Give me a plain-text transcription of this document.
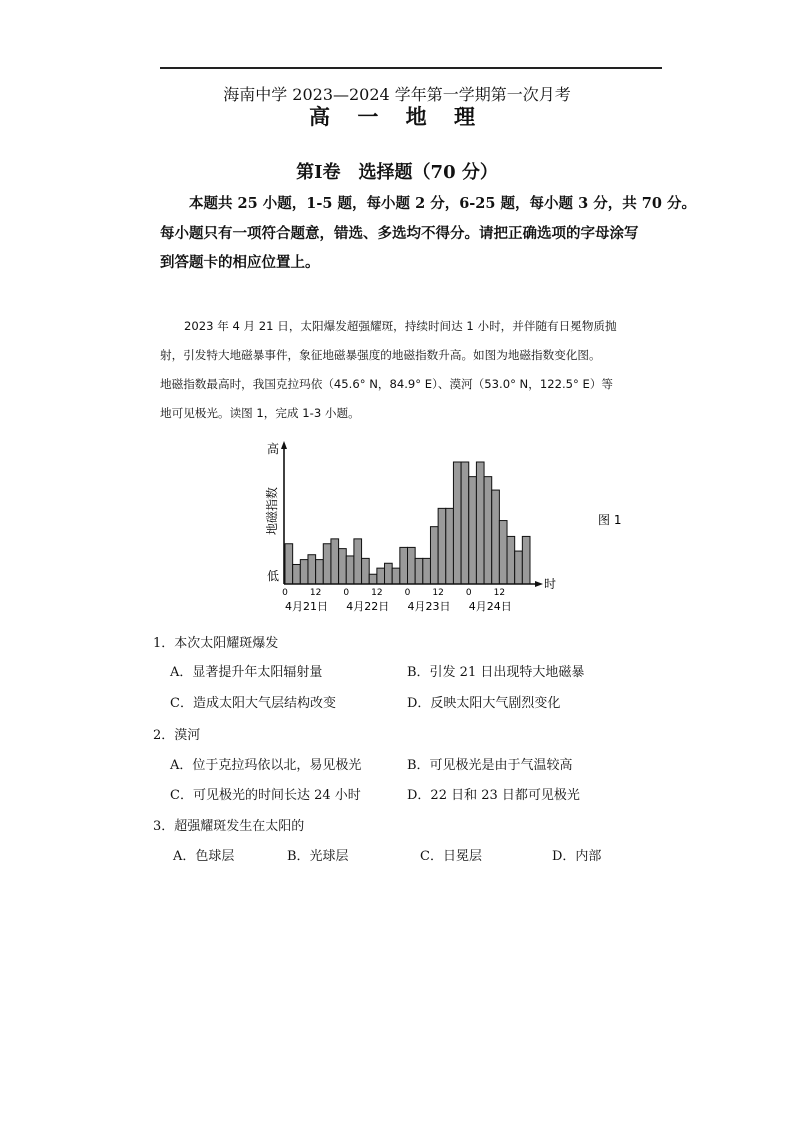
海南中学 2023—2024 学年第一学期第一次月考
高 一 地 理
第Ⅰ卷　选择题（70 分）
本题共 25 小题，1-5 题，每小题 2 分，6-25 题，每小题 3 分，共 70 分。
每小题只有一项符合题意，错选、多选均不得分。请把正确选项的字母涂写
到答题卡的相应位置上。
2023 年 4 月 21 日，太阳爆发超强耀斑，持续时间达 1 小时，并伴随有日冕物质抛
射，引发特大地磁暴事件，象征地磁暴强度的地磁指数升高。如图为地磁指数变化图。
地磁指数最高时，我国克拉玛依（45.6° N，84.9° E）、漠河（53.0° N，122.5° E）等
地可见极光。读图 1，完成 1-3 小题。
高
低
地磁指数
时
0 12 0 12 0 12 0 12
4月21日 4月22日 4月23日 4月24日
图 1
1．本次太阳耀斑爆发
A．显著提升年太阳辐射量	B．引发 21 日出现特大地磁暴
C．造成太阳大气层结构改变	D．反映太阳大气剧烈变化
2．漠河
A．位于克拉玛依以北，易见极光	B．可见极光是由于气温较高
C．可见极光的时间长达 24 小时	D．22 日和 23 日都可见极光
3．超强耀斑发生在太阳的
A．色球层	B．光球层	C．日冕层	D．内部
